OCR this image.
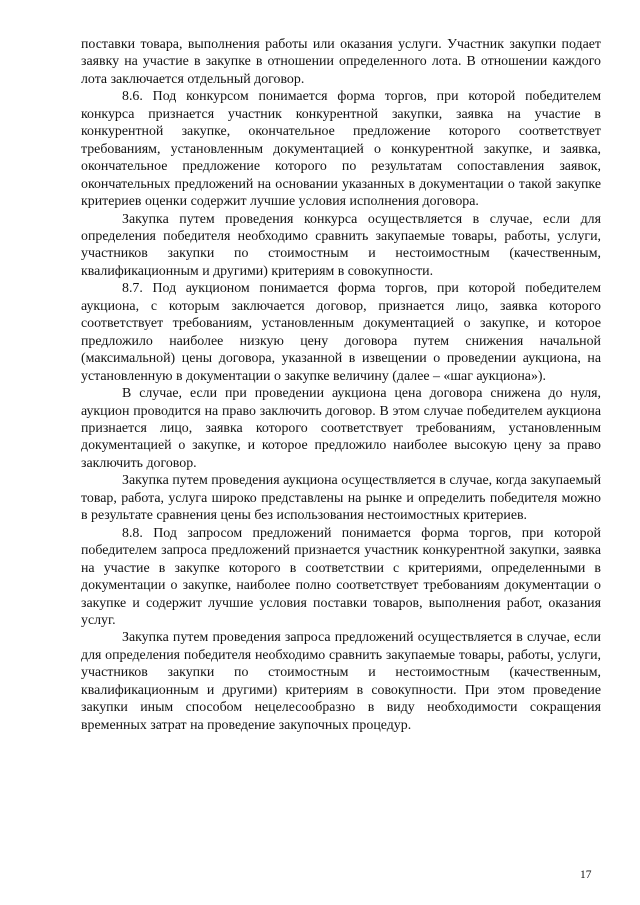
поставки товара, выполнения работы или оказания услуги. Участник закупки подает заявку на участие в закупке в отношении определенного лота. В отношении каждого лота заключается отдельный договор.

8.6. Под конкурсом понимается форма торгов, при которой победителем конкурса признается участник конкурентной закупки, заявка на участие в конкурентной закупке, окончательное предложение которого соответствует требованиям, установленным документацией о конкурентной закупке, и заявка, окончательное предложение которого по результатам сопоставления заявок, окончательных предложений на основании указанных в документации о такой закупке критериев оценки содержит лучшие условия исполнения договора.

Закупка путем проведения конкурса осуществляется в случае, если для определения победителя необходимо сравнить закупаемые товары, работы, услуги, участников закупки по стоимостным и нестоимостным (качественным, квалификационным и другими) критериям в совокупности.

8.7. Под аукционом понимается форма торгов, при которой победителем аукциона, с которым заключается договор, признается лицо, заявка которого соответствует требованиям, установленным документацией о закупке, и которое предложило наиболее низкую цену договора путем снижения начальной (максимальной) цены договора, указанной в извещении о проведении аукциона, на установленную в документации о закупке величину (далее – «шаг аукциона»).

В случае, если при проведении аукциона цена договора снижена до нуля, аукцион проводится на право заключить договор. В этом случае победителем аукциона признается лицо, заявка которого соответствует требованиям, установленным документацией о закупке, и которое предложило наиболее высокую цену за право заключить договор.

Закупка путем проведения аукциона осуществляется в случае, когда закупаемый товар, работа, услуга широко представлены на рынке и определить победителя можно в результате сравнения цены без использования нестоимостных критериев.

8.8. Под запросом предложений понимается форма торгов, при которой победителем запроса предложений признается участник конкурентной закупки, заявка на участие в закупке которого в соответствии с критериями, определенными в документации о закупке, наиболее полно соответствует требованиям документации о закупке и содержит лучшие условия поставки товаров, выполнения работ, оказания услуг.

Закупка путем проведения запроса предложений осуществляется в случае, если для определения победителя необходимо сравнить закупаемые товары, работы, услуги, участников закупки по стоимостным и нестоимостным (качественным, квалификационным и другими) критериям в совокупности. При этом проведение закупки иным способом нецелесообразно в виду необходимости сокращения временных затрат на проведение закупочных процедур.

17
